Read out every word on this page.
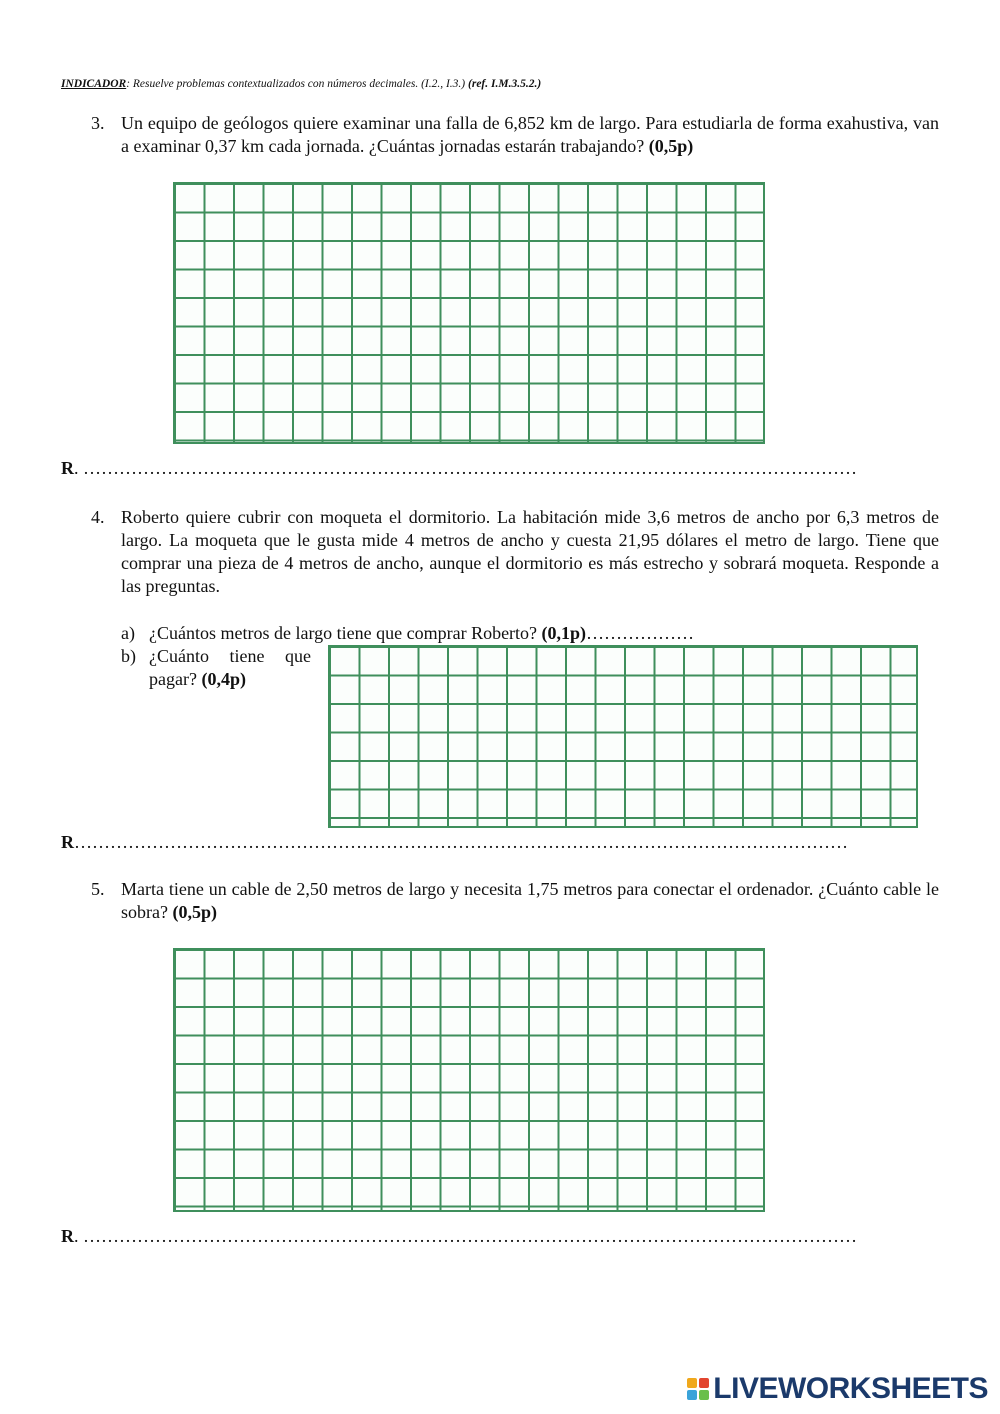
INDICADOR: Resuelve problemas contextualizados con números decimales. (I.2., I.3.) (ref. I.M.3.5.2.)
3. Un equipo de geólogos quiere examinar una falla de 6,852 km de largo. Para estudiarla de forma exahustiva, van a examinar 0,37 km cada jornada. ¿Cuántas jornadas estarán trabajando? (0,5p)
R. …………………………………………………………………………………………………………………
4. Roberto quiere cubrir con moqueta el dormitorio. La habitación mide 3,6 metros de ancho por 6,3 metros de largo. La moqueta que le gusta mide 4 metros de ancho y cuesta 21,95 dólares el metro de largo. Tiene que comprar una pieza de 4 metros de ancho, aunque el dormitorio es más estrecho y sobrará moqueta. Responde a las preguntas.
a) ¿Cuántos metros de largo tiene que comprar Roberto? (0,1p)………………
b) ¿Cuánto tiene que pagar? (0,4p)
R…………………………………………………………………………………………………………………
5. Marta tiene un cable de 2,50 metros de largo y necesita 1,75 metros para conectar el ordenador. ¿Cuánto cable le sobra? (0,5p)
R. …………………………………………………………………………………………………………………
LIVEWORKSHEETS
